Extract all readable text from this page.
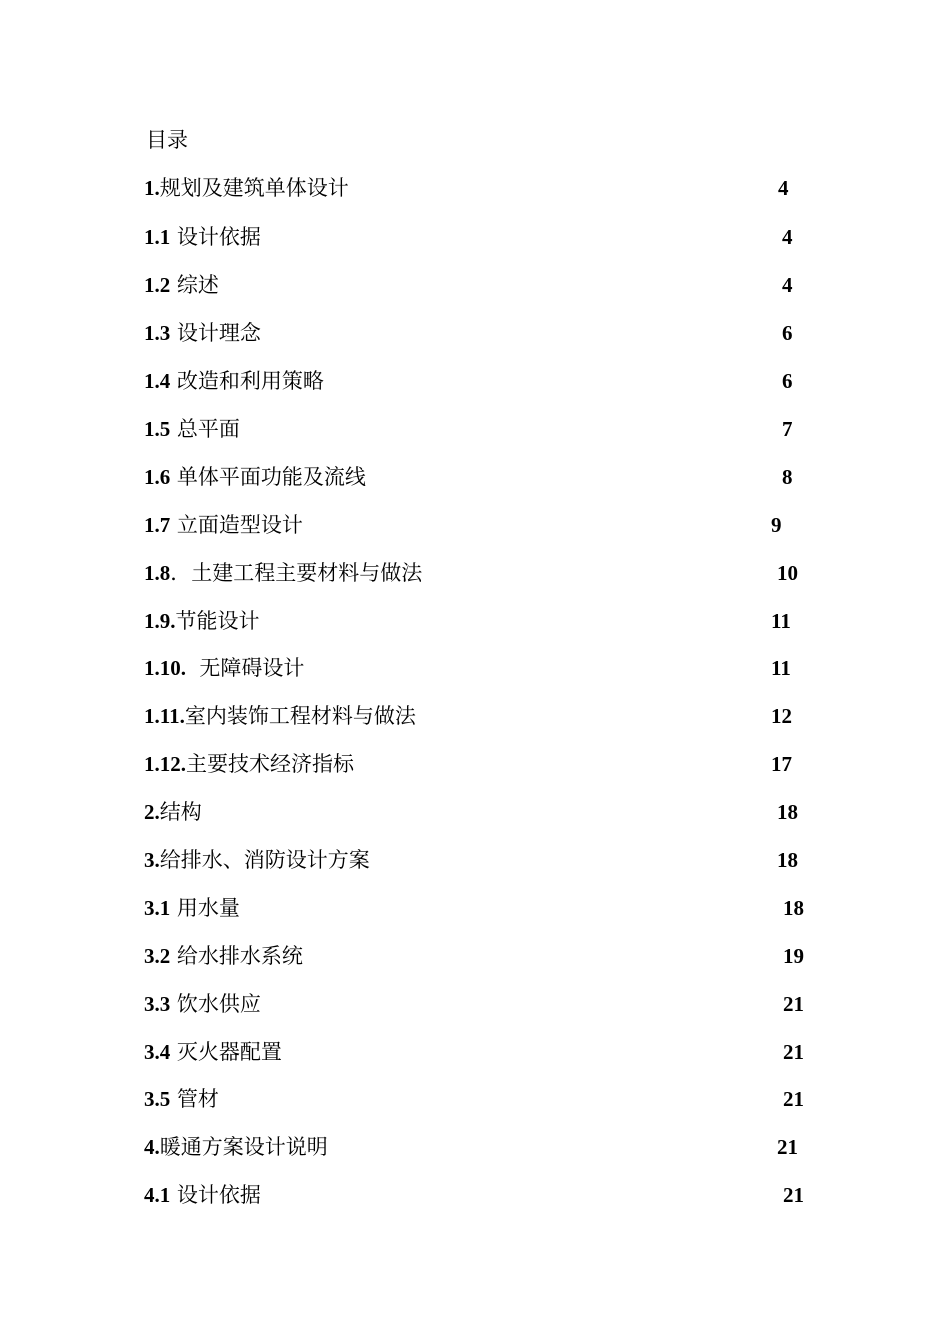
目录
1.规划及建筑单体设计	4
1.1 设计依据	4
1.2 综述	4
1.3 设计理念	6
1.4 改造和利用策略	6
1.5 总平面	7
1.6 单体平面功能及流线	8
1.7 立面造型设计	9
1.8．土建工程主要材料与做法	10
1.9.节能设计	11
1.10.  无障碍设计	11
1.11.室内装饰工程材料与做法	12
1.12.主要技术经济指标	17
2.结构	18
3.给排水、消防设计方案	18
3.1 用水量	18
3.2 给水排水系统	19
3.3 饮水供应	21
3.4 灭火器配置	21
3.5 管材	21
4.暖通方案设计说明	21
4.1 设计依据	21
